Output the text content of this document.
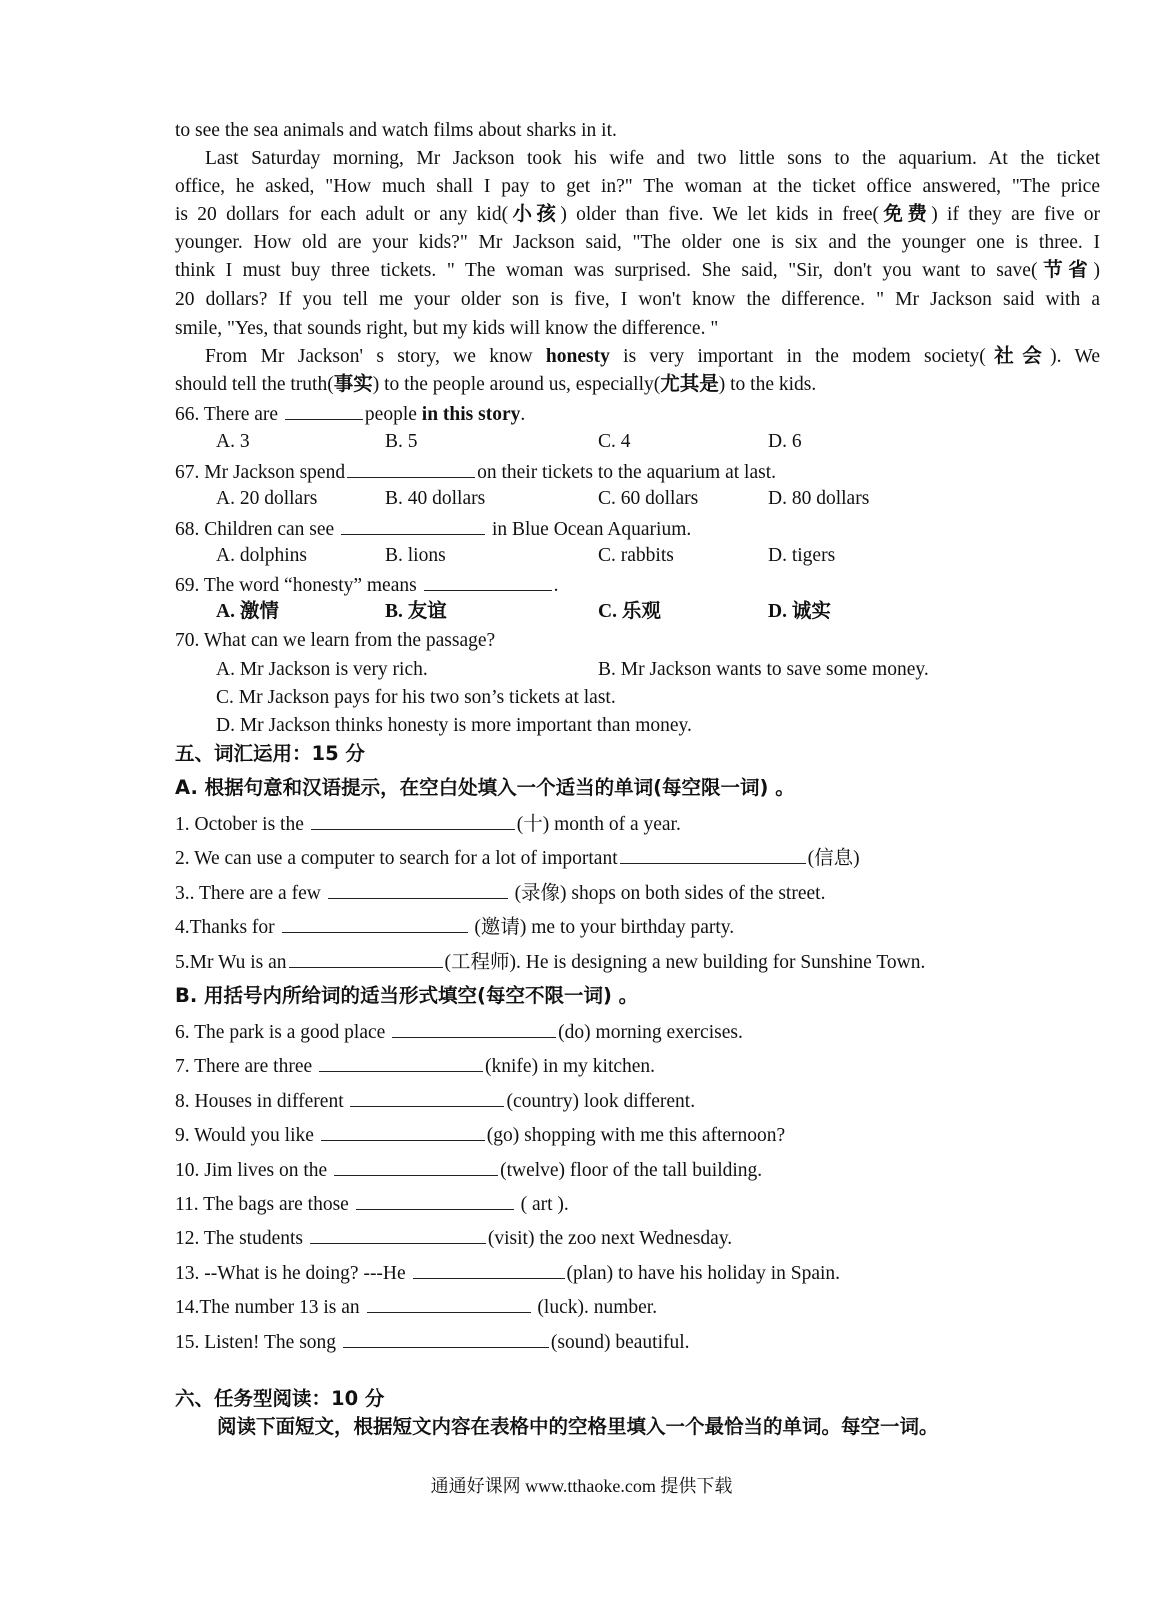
to see the sea animals and watch films about sharks in it.
Last Saturday morning, Mr Jackson took his wife and two little sons to the aquarium. At the ticket
office, he asked, "How much shall I pay to get in?" The woman at the ticket office answered, "The price
is 20 dollars for each adult or any kid(小孩) older than five. We let kids in free(免费) if they are five or
younger. How old are your kids?" Mr Jackson said, "The older one is six and the younger one is three. I
think I must buy three tickets. " The woman was surprised. She said, "Sir, don't you want to save(节省)
20 dollars? If you tell me your older son is five, I won't know the difference. " Mr Jackson said with a
smile, "Yes, that sounds right, but my kids will know the difference. "
From Mr Jackson' s story, we know honesty is very important in the modem society(社会). We
should tell the truth(事实) to the people around us, especially(尤其是) to the kids.
66. There are	people in this story.
A. 3	B. 5	C. 4	D. 6
67. Mr Jackson spend	on their tickets to the aquarium at last.
A. 20 dollars	B. 40 dollars	C. 60 dollars	D. 80 dollars
68. Children can see	in Blue Ocean Aquarium.
A. dolphins	B. lions	C. rabbits	D. tigers
69. The word “honesty” means	.
A. 激情	B. 友谊	C. 乐观	D. 诚实
70. What can we learn from the passage?
A. Mr Jackson is very rich.	B. Mr Jackson wants to save some money.
C. Mr Jackson pays for his two son’s tickets at last.
D. Mr Jackson thinks honesty is more important than money.
五、词汇运用：15 分
A. 根据句意和汉语提示，在空白处填入一个适当的单词(每空限一词) 。
1. October is the	(十) month of a year.
2. We can use a computer to search for a lot of important	(信息)
3.. There are a few	(录像) shops on both sides of the street.
4.Thanks for	(邀请) me to your birthday party.
5.Mr Wu is an	(工程师). He is designing a new building for Sunshine Town.
B. 用括号内所给词的适当形式填空(每空不限一词) 。
6. The park is a good place	(do) morning exercises.
7. There are three	(knife) in my kitchen.
8. Houses in different	(country) look different.
9. Would you like	(go) shopping with me this afternoon?
10. Jim lives on the	(twelve) floor of the tall building.
11. The bags are those	( art ).
12. The students	(visit) the zoo next Wednesday.
13. --What is he doing? ---He	(plan) to have his holiday in Spain.
14.The number 13 is an	(luck). number.
15. Listen! The song	(sound) beautiful.
六、任务型阅读：10 分
阅读下面短文，根据短文内容在表格中的空格里填入一个最恰当的单词。每空一词。
通通好课网 www.tthaoke.com 提供下载
